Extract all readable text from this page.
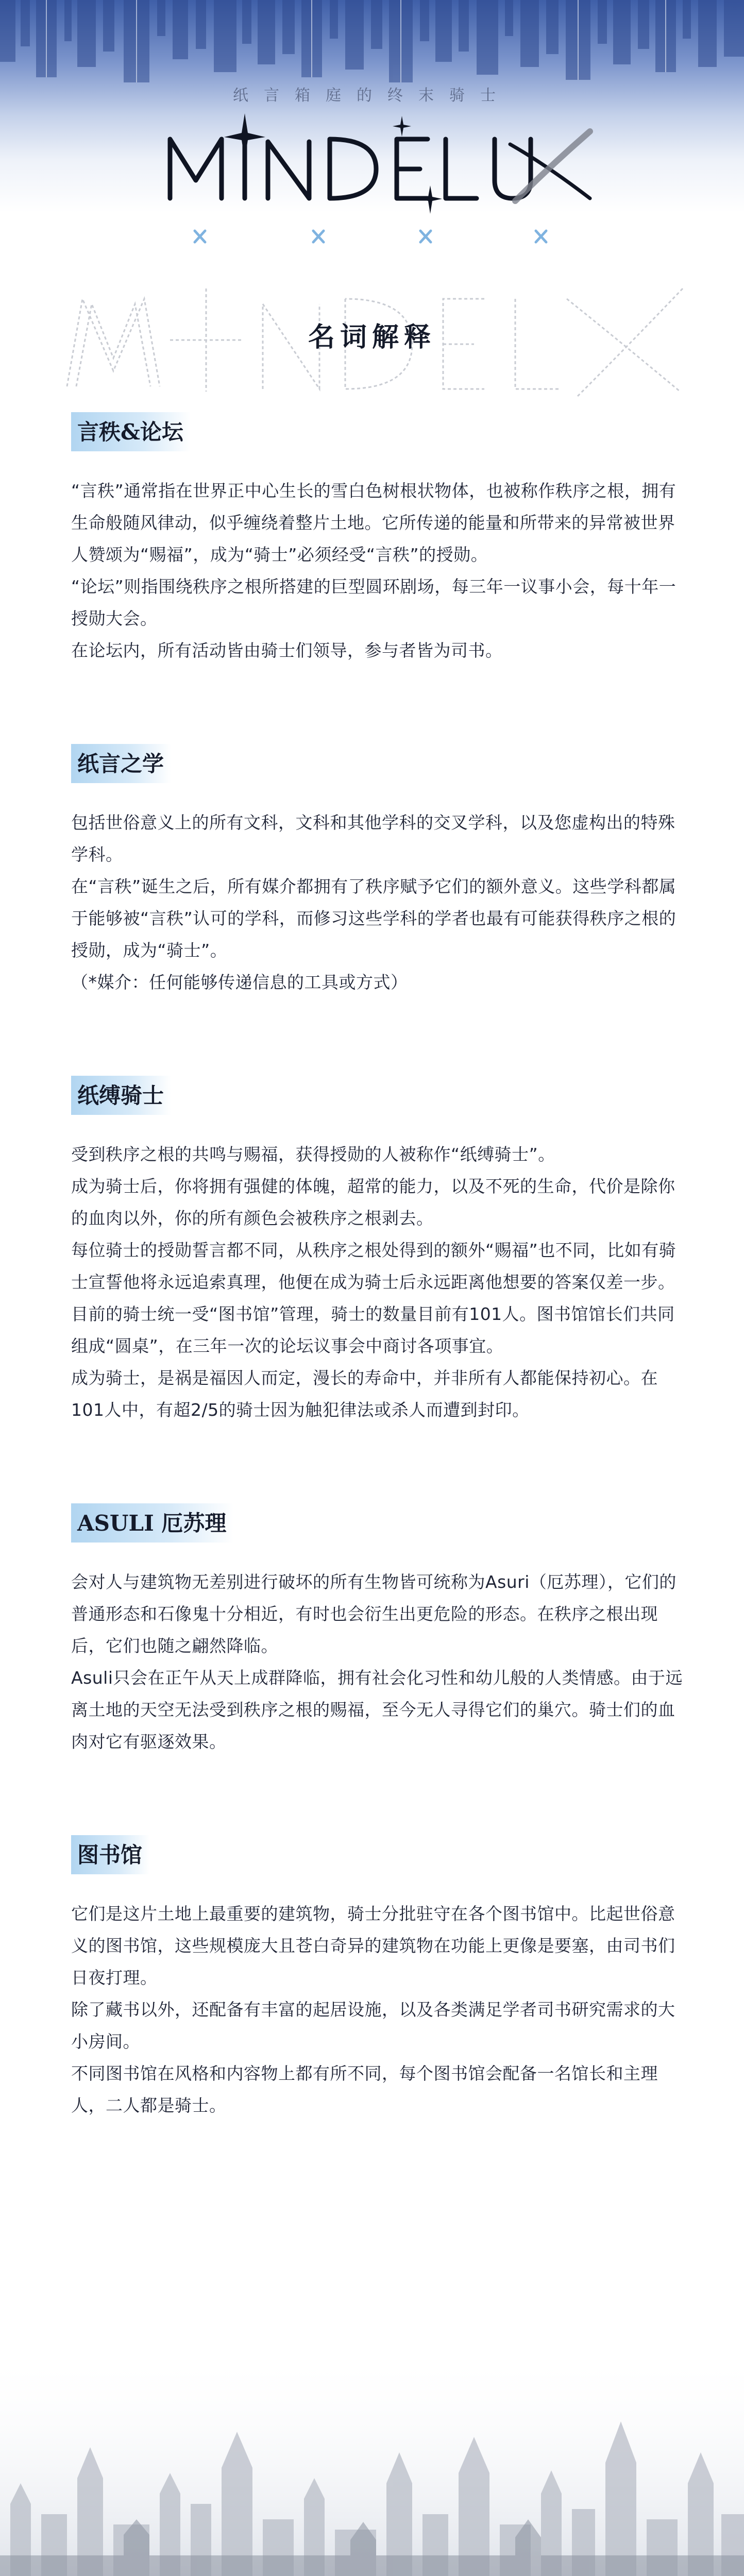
纸言箱庭的终末骑士
名词解释
言秩&论坛

“言秩”通常指在世界正中心生长的雪白色树根状物体，也被称作秩序之根，拥有生命般随风律动，似乎缠绕着整片土地。它所传递的能量和所带来的异常被世界人赞颂为“赐福”，成为“骑士”必须经受“言秩”的授勋。

“论坛”则指围绕秩序之根所搭建的巨型圆环剧场，每三年一议事小会，每十年一授勋大会。

在论坛内，所有活动皆由骑士们领导，参与者皆为司书。

纸言之学

包括世俗意义上的所有文科，文科和其他学科的交叉学科，以及您虚构出的特殊学科。

在“言秩”诞生之后，所有媒介都拥有了秩序赋予它们的额外意义。这些学科都属于能够被“言秩”认可的学科，而修习这些学科的学者也最有可能获得秩序之根的授勋，成为“骑士”。

（*媒介：任何能够传递信息的工具或方式）

纸缚骑士

受到秩序之根的共鸣与赐福，获得授勋的人被称作“纸缚骑士”。

成为骑士后，你将拥有强健的体魄，超常的能力，以及不死的生命，代价是除你的血肉以外，你的所有颜色会被秩序之根剥去。

每位骑士的授勋誓言都不同，从秩序之根处得到的额外“赐福”也不同，比如有骑士宣誓他将永远追索真理，他便在成为骑士后永远距离他想要的答案仅差一步。

目前的骑士统一受“图书馆”管理，骑士的数量目前有101人。图书馆馆长们共同组成“圆桌”，在三年一次的论坛议事会中商讨各项事宜。

成为骑士，是祸是福因人而定，漫长的寿命中，并非所有人都能保持初心。在101人中，有超2/5的骑士因为触犯律法或杀人而遭到封印。

ASULI 厄苏理

会对人与建筑物无差别进行破坏的所有生物皆可统称为Asuri（厄苏理），它们的普通形态和石像鬼十分相近，有时也会衍生出更危险的形态。在秩序之根出现后，它们也随之翩然降临。

Asuli只会在正午从天上成群降临，拥有社会化习性和幼儿般的人类情感。由于远离土地的天空无法受到秩序之根的赐福，至今无人寻得它们的巢穴。骑士们的血肉对它有驱逐效果。

图书馆

它们是这片土地上最重要的建筑物，骑士分批驻守在各个图书馆中。比起世俗意义的图书馆，这些规模庞大且苍白奇异的建筑物在功能上更像是要塞，由司书们日夜打理。

除了藏书以外，还配备有丰富的起居设施，以及各类满足学者司书研究需求的大小房间。

不同图书馆在风格和内容物上都有所不同，每个图书馆会配备一名馆长和主理人，二人都是骑士。
